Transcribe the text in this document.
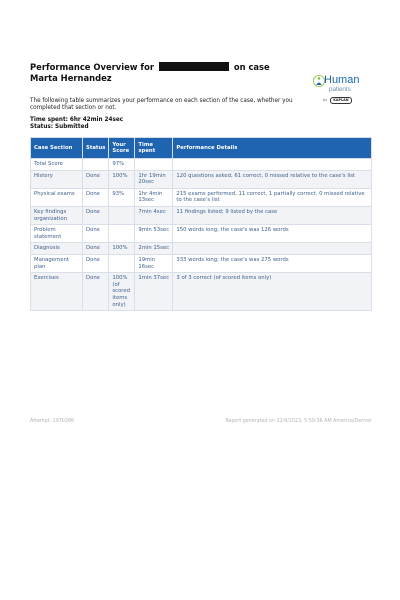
Performance Overview for	on case Marta Hernandez	Human
patients
by KAPLAN
The following table summarizes your performance on each section of the case, whether you completed that section or not.
Time spent: 6hr 42min 24sec
Status: Submitted
Case Section	Status	Your Score	Time spent	Performance Details
Total Score		97%		
History	Done	100%	1hr 19min 20sec	120 questions asked, 61 correct, 0 missed relative to the case's list
Physical exams	Done	93%	1hr 4min 13sec	215 exams performed, 11 correct, 1 partially correct, 0 missed relative to the case's list
Key findings organization	Done		7min 4sec	11 findings listed; 9 listed by the case
Problem statement	Done		9min 53sec	150 words long; the case's was 126 words
Diagnosis	Done	100%	2min 15sec	
Management plan	Done		19min 16sec	333 words long; the case's was 275 words
Exercises	Done	100% (of scored items only)	1min 37sec	3 of 3 correct (of scored items only)
Attempt: 2970286	Report generated on 12/9/2023, 5:59:36 AM America/Denver
